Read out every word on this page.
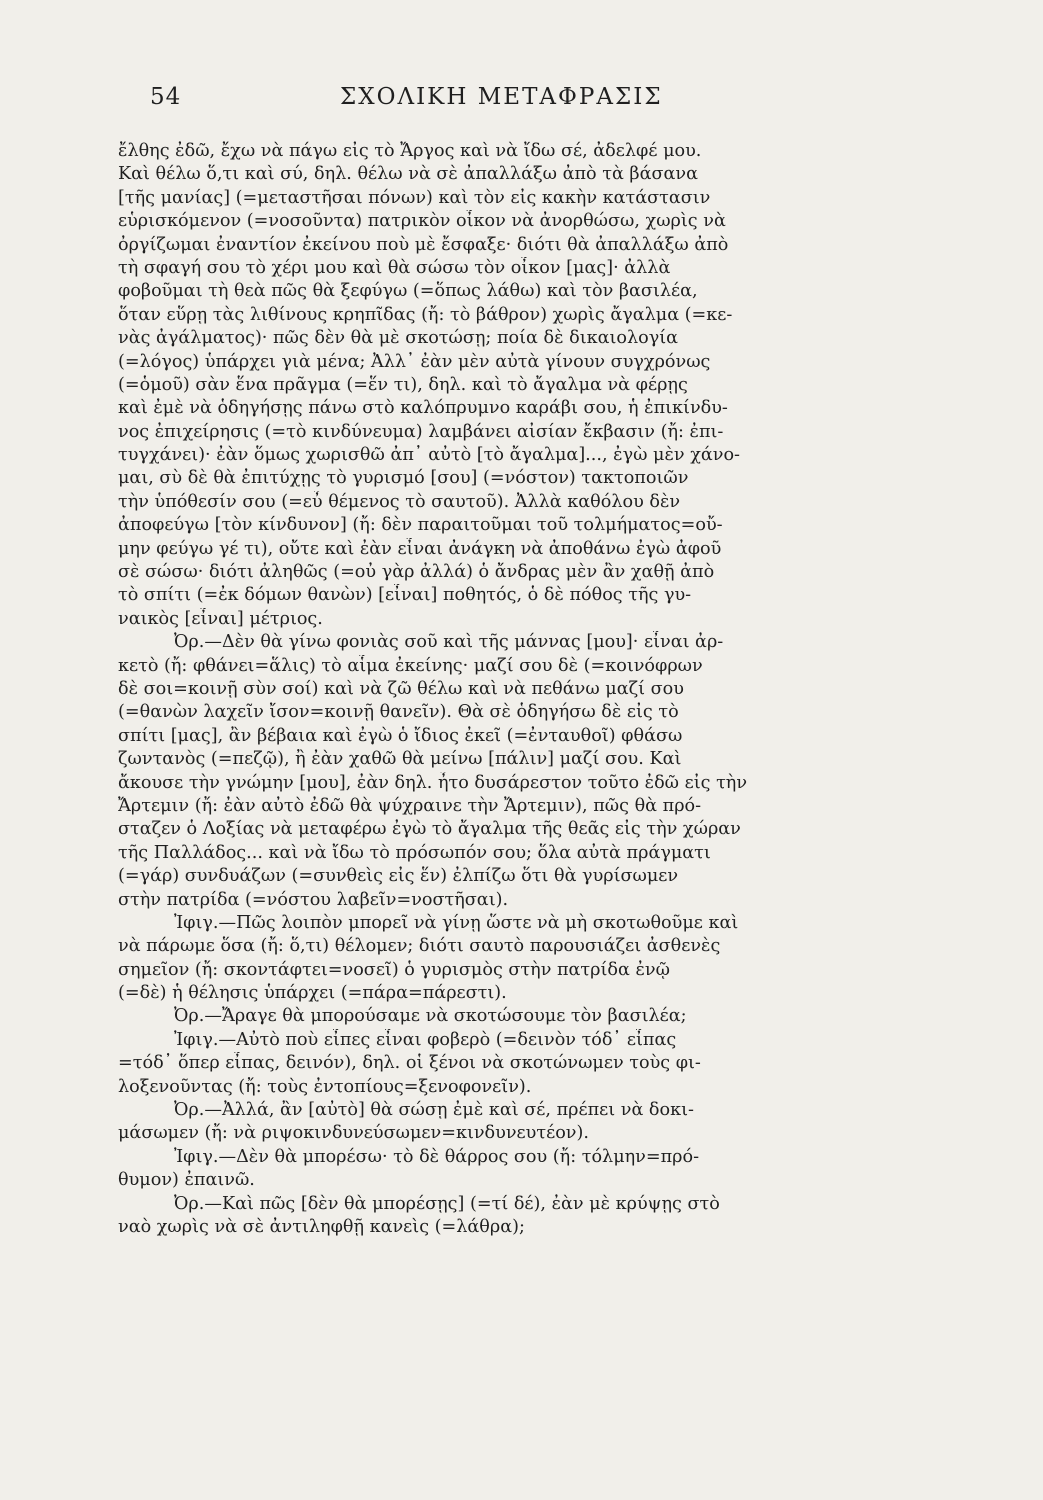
54	ΣΧΟΛΙΚΗ ΜΕΤΑΦΡΑΣΙΣ
ἔλθης ἐδῶ, ἔχω νὰ πάγω εἰς τὸ Ἄργος καὶ νὰ ἴδω σέ, ἀδελφέ μου.
Καὶ θέλω ὅ,τι καὶ σύ, δηλ. θέλω νὰ σὲ ἀπαλλάξω ἀπὸ τὰ βάσανα
[τῆς μανίας] (=μεταστῆσαι πόνων) καὶ τὸν εἰς κακὴν κατάστασιν
εὑρισκόμενον (=νοσοῦντα) πατρικὸν οἶκον νὰ ἀνορθώσω, χωρὶς νὰ
ὀργίζωμαι ἐναντίον ἐκείνου ποὺ μὲ ἔσφαξε· διότι θὰ ἀπαλλάξω ἀπὸ
τὴ σφαγή σου τὸ χέρι μου καὶ θὰ σώσω τὸν οἶκον [μας]· ἀλλὰ
φοβοῦμαι τὴ θεὰ πῶς θὰ ξεφύγω (=ὅπως λάθω) καὶ τὸν βασιλέα,
ὅταν εὕρῃ τὰς λιθίνους κρηπῖδας (ἤ: τὸ βάθρον) χωρὶς ἄγαλμα (=κε-
νὰς ἀγάλματος)· πῶς δὲν θὰ μὲ σκοτώσῃ; ποία δὲ δικαιολογία
(=λόγος) ὑπάρχει γιὰ μένα; Ἀλλ᾽ ἐὰν μὲν αὐτὰ γίνουν συγχρόνως
(=ὁμοῦ) σὰν ἕνα πρᾶγμα (=ἕν τι), δηλ. καὶ τὸ ἄγαλμα νὰ φέρῃς
καὶ ἐμὲ νὰ ὁδηγήσῃς πάνω στὸ καλόπρυμνο καράβι σου, ἡ ἐπικίνδυ-
νος ἐπιχείρησις (=τὸ κινδύνευμα) λαμβάνει αἰσίαν ἔκβασιν (ἤ: ἐπι-
τυγχάνει)· ἐὰν ὅμως χωρισθῶ ἀπ᾽ αὐτὸ [τὸ ἄγαλμα]..., ἐγὼ μὲν χάνο-
μαι, σὺ δὲ θὰ ἐπιτύχῃς τὸ γυρισμό [σου] (=νόστον) τακτοποιῶν
τὴν ὑπόθεσίν σου (=εὖ θέμενος τὸ σαυτοῦ). Ἀλλὰ καθόλου δὲν
ἀποφεύγω [τὸν κίνδυνον] (ἤ: δὲν παραιτοῦμαι τοῦ τολμήματος=οὔ-
μην φεύγω γέ τι), οὔτε καὶ ἐὰν εἶναι ἀνάγκη νὰ ἀποθάνω ἐγὼ ἀφοῦ
σὲ σώσω· διότι ἀληθῶς (=οὐ γὰρ ἀλλά) ὁ ἄνδρας μὲν ἂν χαθῇ ἀπὸ
τὸ σπίτι (=ἐκ δόμων θανὼν) [εἶναι] ποθητός, ὁ δὲ πόθος τῆς γυ-
ναικὸς [εἶναι] μέτριος.
Ὀρ.—Δὲν θὰ γίνω φονιὰς σοῦ καὶ τῆς μάννας [μου]· εἶναι ἀρ-
κετὸ (ἤ: φθάνει=ἅλις) τὸ αἷμα ἐκείνης· μαζί σου δὲ (=κοινόφρων
δὲ σοι=κοινῇ σὺν σοί) καὶ νὰ ζῶ θέλω καὶ νὰ πεθάνω μαζί σου
(=θανὼν λαχεῖν ἴσον=κοινῇ θανεῖν). Θὰ σὲ ὁδηγήσω δὲ εἰς τὸ
σπίτι [μας], ἂν βέβαια καὶ ἐγὼ ὁ ἴδιος ἐκεῖ (=ἐνταυθοῖ) φθάσω
ζωντανὸς (=πεζῷ), ἢ ἐὰν χαθῶ θὰ μείνω [πάλιν] μαζί σου. Καὶ
ἄκουσε τὴν γνώμην [μου], ἐὰν δηλ. ἦτο δυσάρεστον τοῦτο ἐδῶ εἰς τὴν
Ἄρτεμιν (ἤ: ἐὰν αὐτὸ ἐδῶ θὰ ψύχραινε τὴν Ἄρτεμιν), πῶς θὰ πρό-
σταζεν ὁ Λοξίας νὰ μεταφέρω ἐγὼ τὸ ἄγαλμα τῆς θεᾶς εἰς τὴν χώραν
τῆς Παλλάδος... καὶ νὰ ἴδω τὸ πρόσωπόν σου; ὅλα αὐτὰ πράγματι
(=γάρ) συνδυάζων (=συνθεὶς εἰς ἕν) ἐλπίζω ὅτι θὰ γυρίσωμεν
στὴν πατρίδα (=νόστου λαβεῖν=νοστῆσαι).
Ἰφιγ.—Πῶς λοιπὸν μπορεῖ νὰ γίνῃ ὥστε νὰ μὴ σκοτωθοῦμε καὶ
νὰ πάρωμε ὅσα (ἤ: ὅ,τι) θέλομεν; διότι σαυτὸ παρουσιάζει ἀσθενὲς
σημεῖον (ἤ: σκοντάφτει=νοσεῖ) ὁ γυρισμὸς στὴν πατρίδα ἐνῷ
(=δὲ) ἡ θέλησις ὑπάρχει (=πάρα=πάρεστι).
Ὀρ.—Ἄραγε θὰ μπορούσαμε νὰ σκοτώσουμε τὸν βασιλέα;
Ἰφιγ.—Αὐτὸ ποὺ εἶπες εἶναι φοβερὸ (=δεινὸν τόδ᾽ εἶπας
=τόδ᾽ ὅπερ εἶπας, δεινόν), δηλ. οἱ ξένοι νὰ σκοτώνωμεν τοὺς φι-
λοξενοῦντας (ἤ: τοὺς ἐντοπίους=ξενοφονεῖν).
Ὀρ.—Ἀλλά, ἂν [αὐτὸ] θὰ σώσῃ ἐμὲ καὶ σέ, πρέπει νὰ δοκι-
μάσωμεν (ἤ: νὰ ριψοκινδυνεύσωμεν=κινδυνευτέον).
Ἰφιγ.—Δὲν θὰ μπορέσω· τὸ δὲ θάρρος σου (ἤ: τόλμην=πρό-
θυμον) ἐπαινῶ.
Ὀρ.—Καὶ πῶς [δὲν θὰ μπορέσῃς] (=τί δέ), ἐὰν μὲ κρύψῃς στὸ
ναὸ χωρὶς νὰ σὲ ἀντιληφθῇ κανεὶς (=λάθρα);
